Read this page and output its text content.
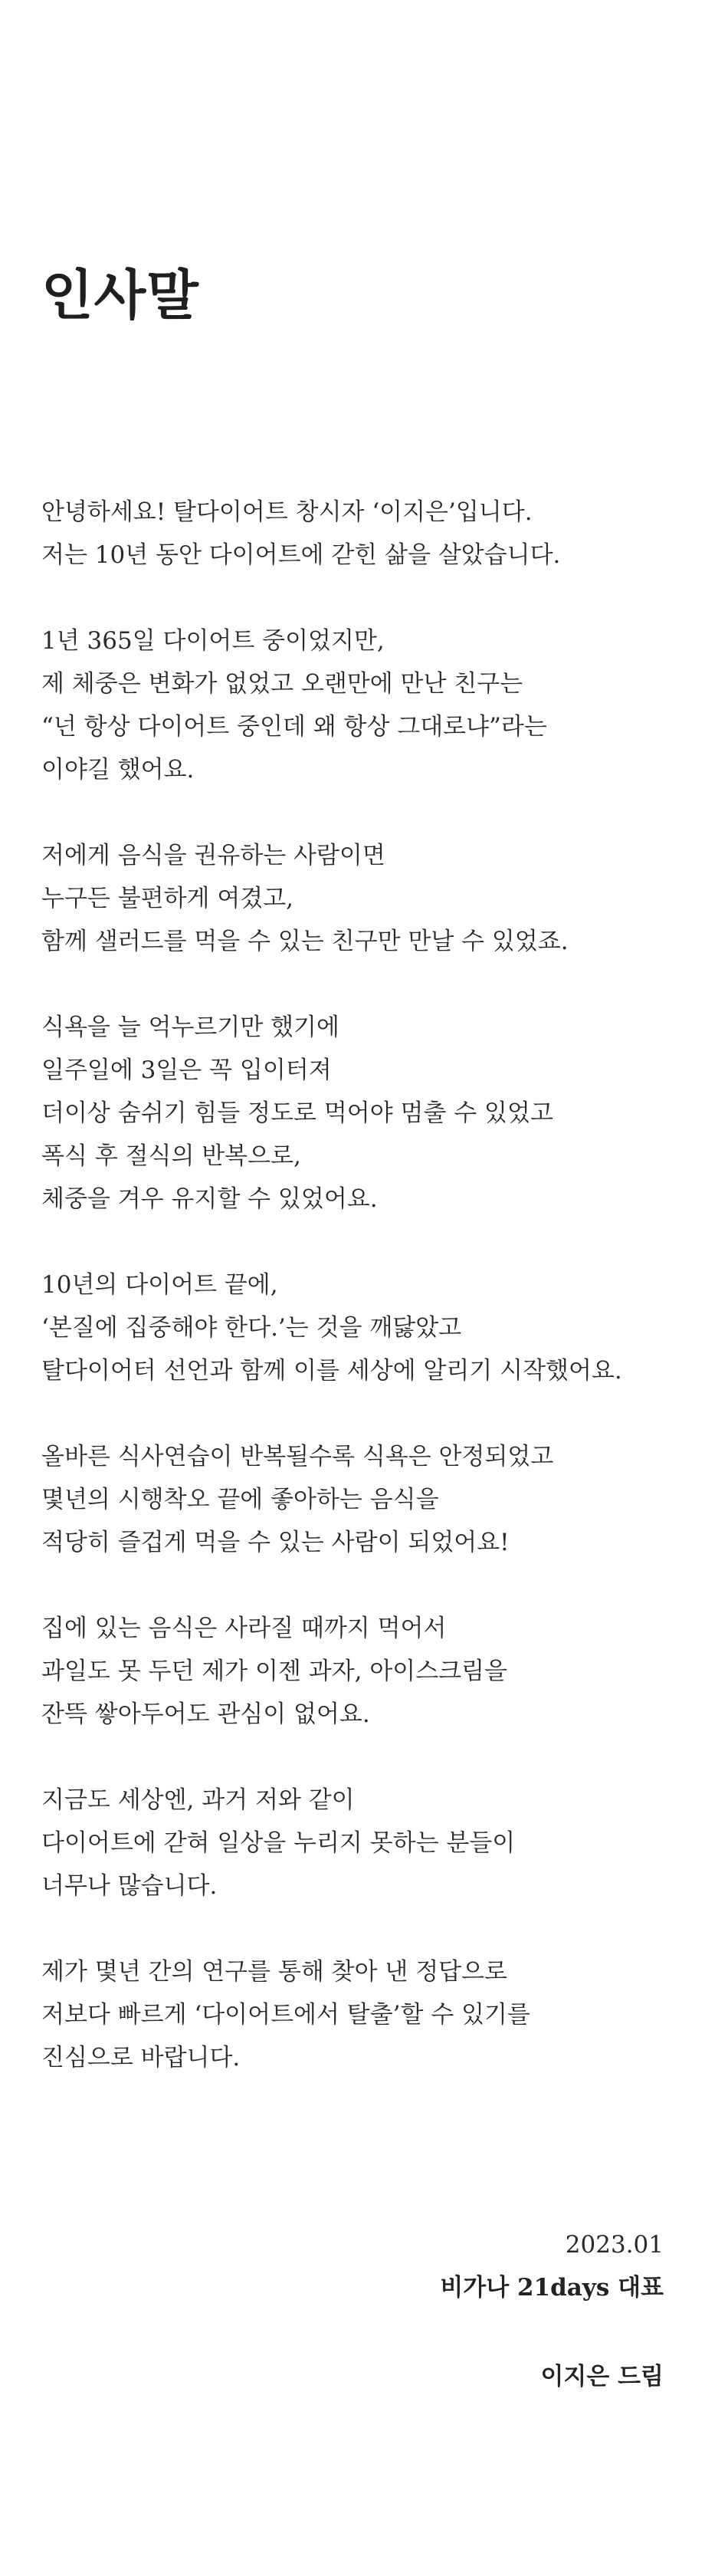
인사말
안녕하세요! 탈다이어트 창시자 ‘이지은’입니다.
저는 10년 동안 다이어트에 갇힌 삶을 살았습니다.
1년 365일 다이어트 중이었지만,
제 체중은 변화가 없었고 오랜만에 만난 친구는
“넌 항상 다이어트 중인데 왜 항상 그대로냐”라는
이야길 했어요.
저에게 음식을 권유하는 사람이면
누구든 불편하게 여겼고,
함께 샐러드를 먹을 수 있는 친구만 만날 수 있었죠.
식욕을 늘 억누르기만 했기에
일주일에 3일은 꼭 입이터져
더이상 숨쉬기 힘들 정도로 먹어야 멈출 수 있었고
폭식 후 절식의 반복으로,
체중을 겨우 유지할 수 있었어요.
10년의 다이어트 끝에,
‘본질에 집중해야 한다.’는 것을 깨닳았고
탈다이어터 선언과 함께 이를 세상에 알리기 시작했어요.
올바른 식사연습이 반복될수록 식욕은 안정되었고
몇년의 시행착오 끝에 좋아하는 음식을
적당히 즐겁게 먹을 수 있는 사람이 되었어요!
집에 있는 음식은 사라질 때까지 먹어서
과일도 못 두던 제가 이젠 과자, 아이스크림을
잔뜩 쌓아두어도 관심이 없어요.
지금도 세상엔, 과거 저와 같이
다이어트에 갇혀 일상을 누리지 못하는 분들이
너무나 많습니다.
제가 몇년 간의 연구를 통해 찾아 낸 정답으로
저보다 빠르게 ‘다이어트에서 탈출’할 수 있기를
진심으로 바랍니다.
2023.01
비가나 21days 대표
이지은 드림
